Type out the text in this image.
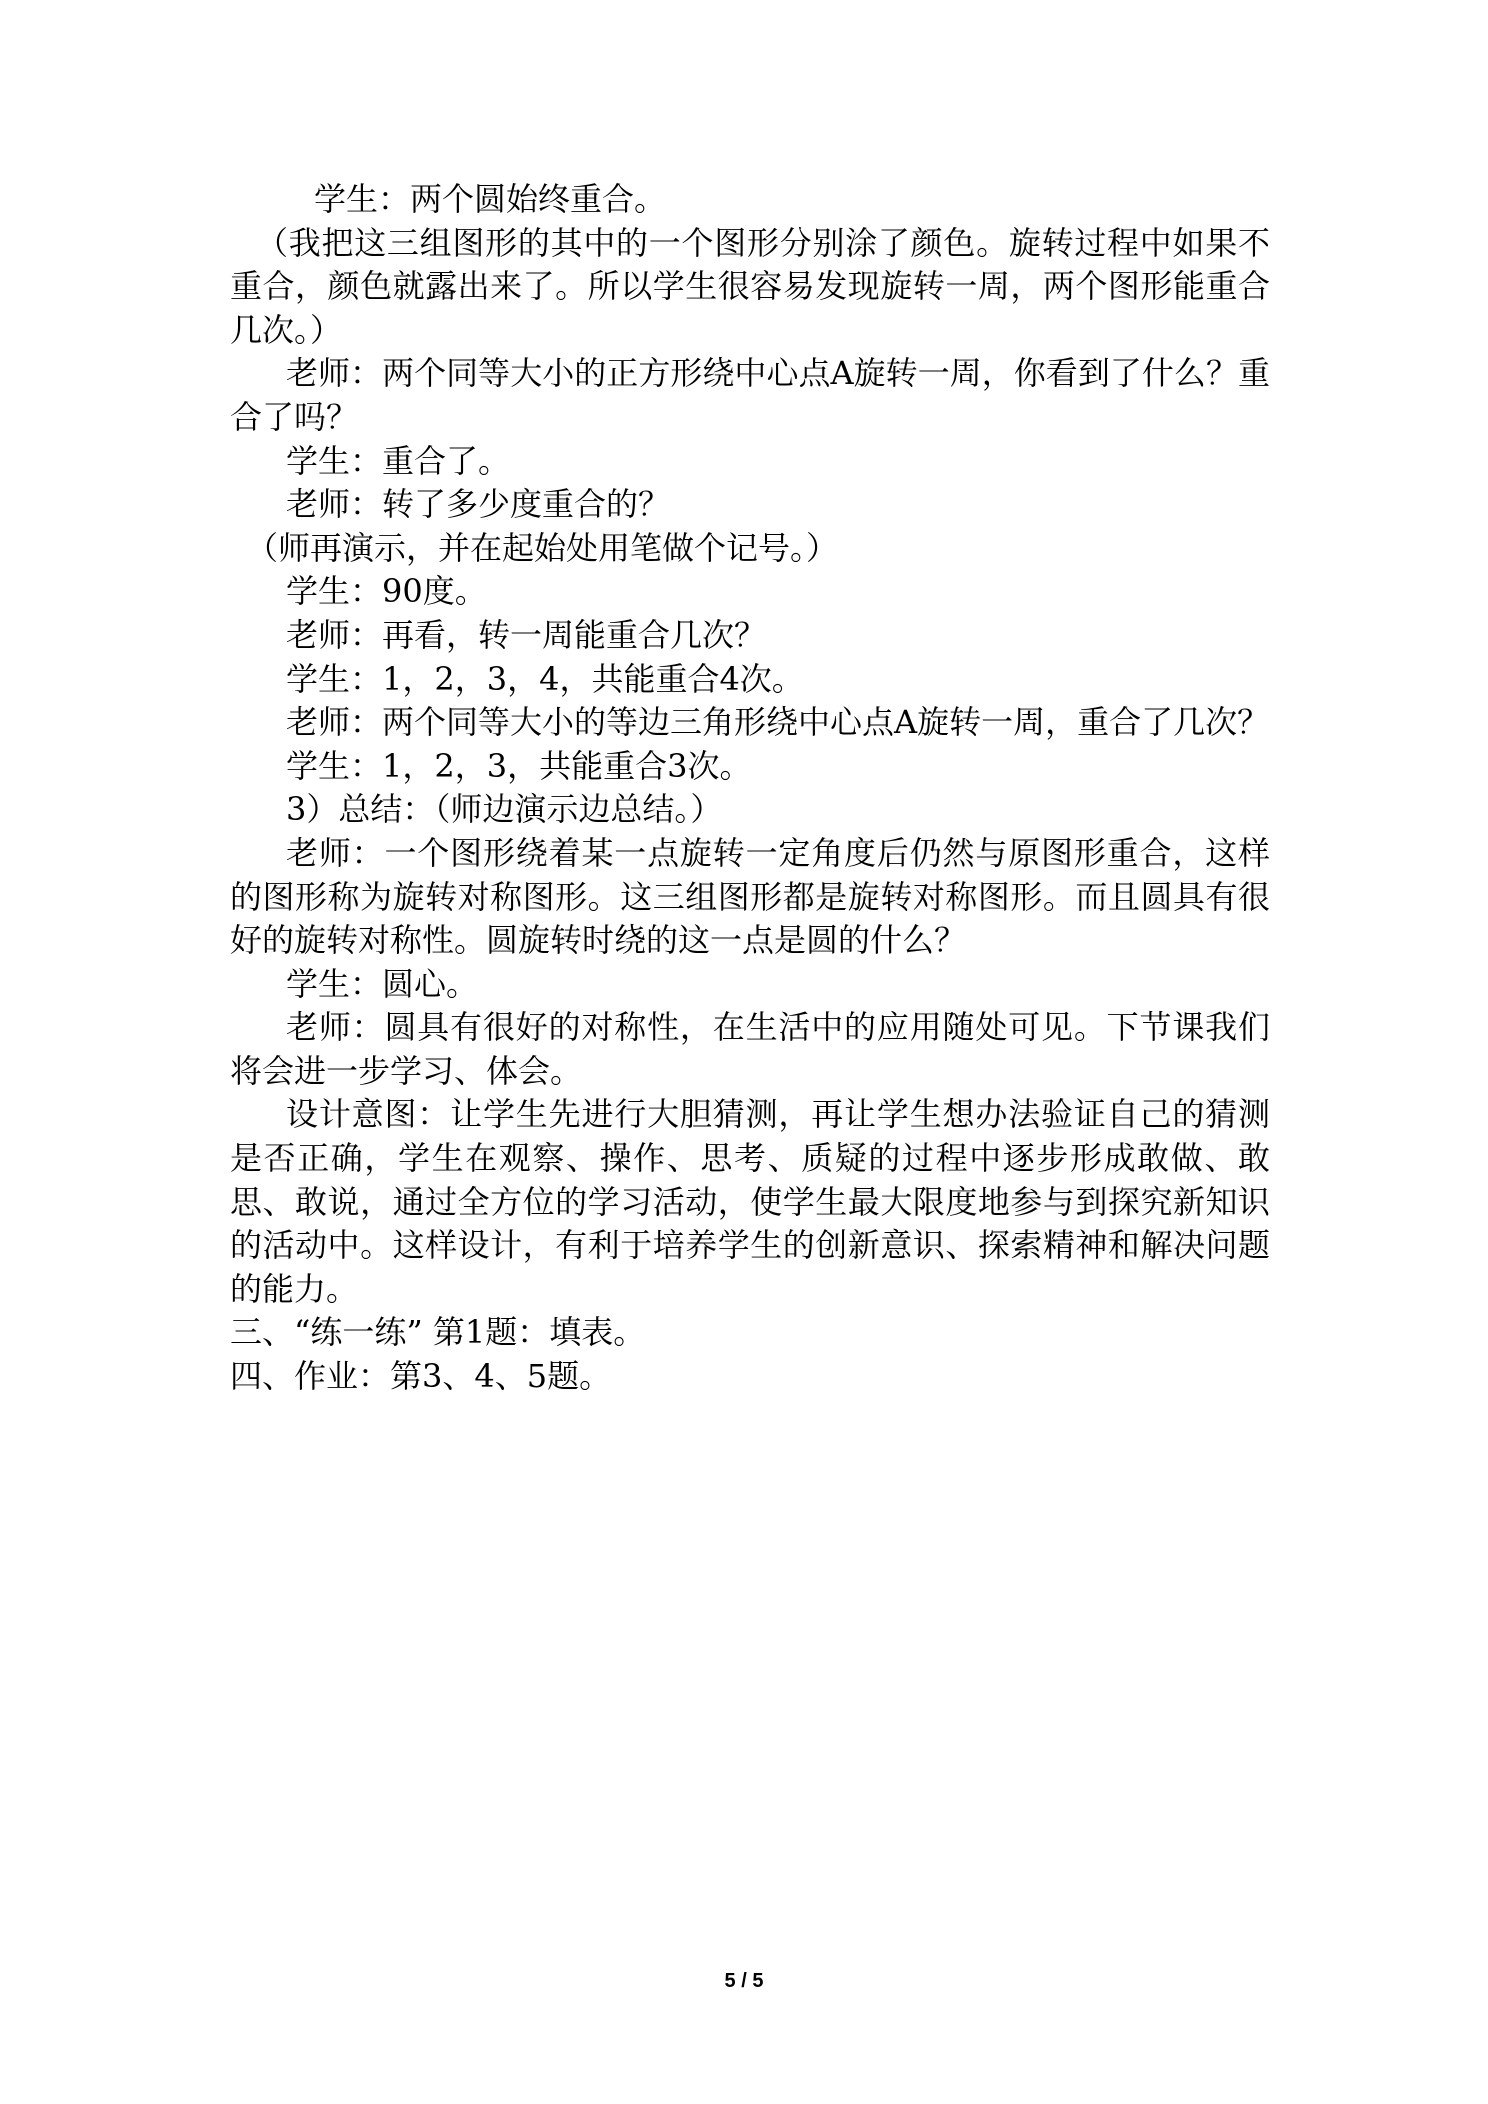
学生：两个圆始终重合。

（我把这三组图形的其中的一个图形分别涂了颜色。旋转过程中如果不重合，颜色就露出来了。所以学生很容易发现旋转一周，两个图形能重合几次。）

老师：两个同等大小的正方形绕中心点A旋转一周，你看到了什么？重合了吗？

学生：重合了。

老师：转了多少度重合的？

（师再演示，并在起始处用笔做个记号。）

学生：90度。

老师：再看，转一周能重合几次？

学生：1，2，3，4，共能重合4次。

老师：两个同等大小的等边三角形绕中心点A旋转一周，重合了几次？

学生：1，2，3，共能重合3次。

3）总结：（师边演示边总结。）

老师：一个图形绕着某一点旋转一定角度后仍然与原图形重合，这样的图形称为旋转对称图形。这三组图形都是旋转对称图形。而且圆具有很好的旋转对称性。圆旋转时绕的这一点是圆的什么？

学生：圆心。

老师：圆具有很好的对称性，在生活中的应用随处可见。下节课我们将会进一步学习、体会。

设计意图：让学生先进行大胆猜测，再让学生想办法验证自己的猜测是否正确，学生在观察、操作、思考、质疑的过程中逐步形成敢做、敢思、敢说，通过全方位的学习活动，使学生最大限度地参与到探究新知识的活动中。这样设计，有利于培养学生的创新意识、探索精神和解决问题的能力。

三、“练一练” 第1题：填表。

四、作业：第3、4、5题。

5 / 5
